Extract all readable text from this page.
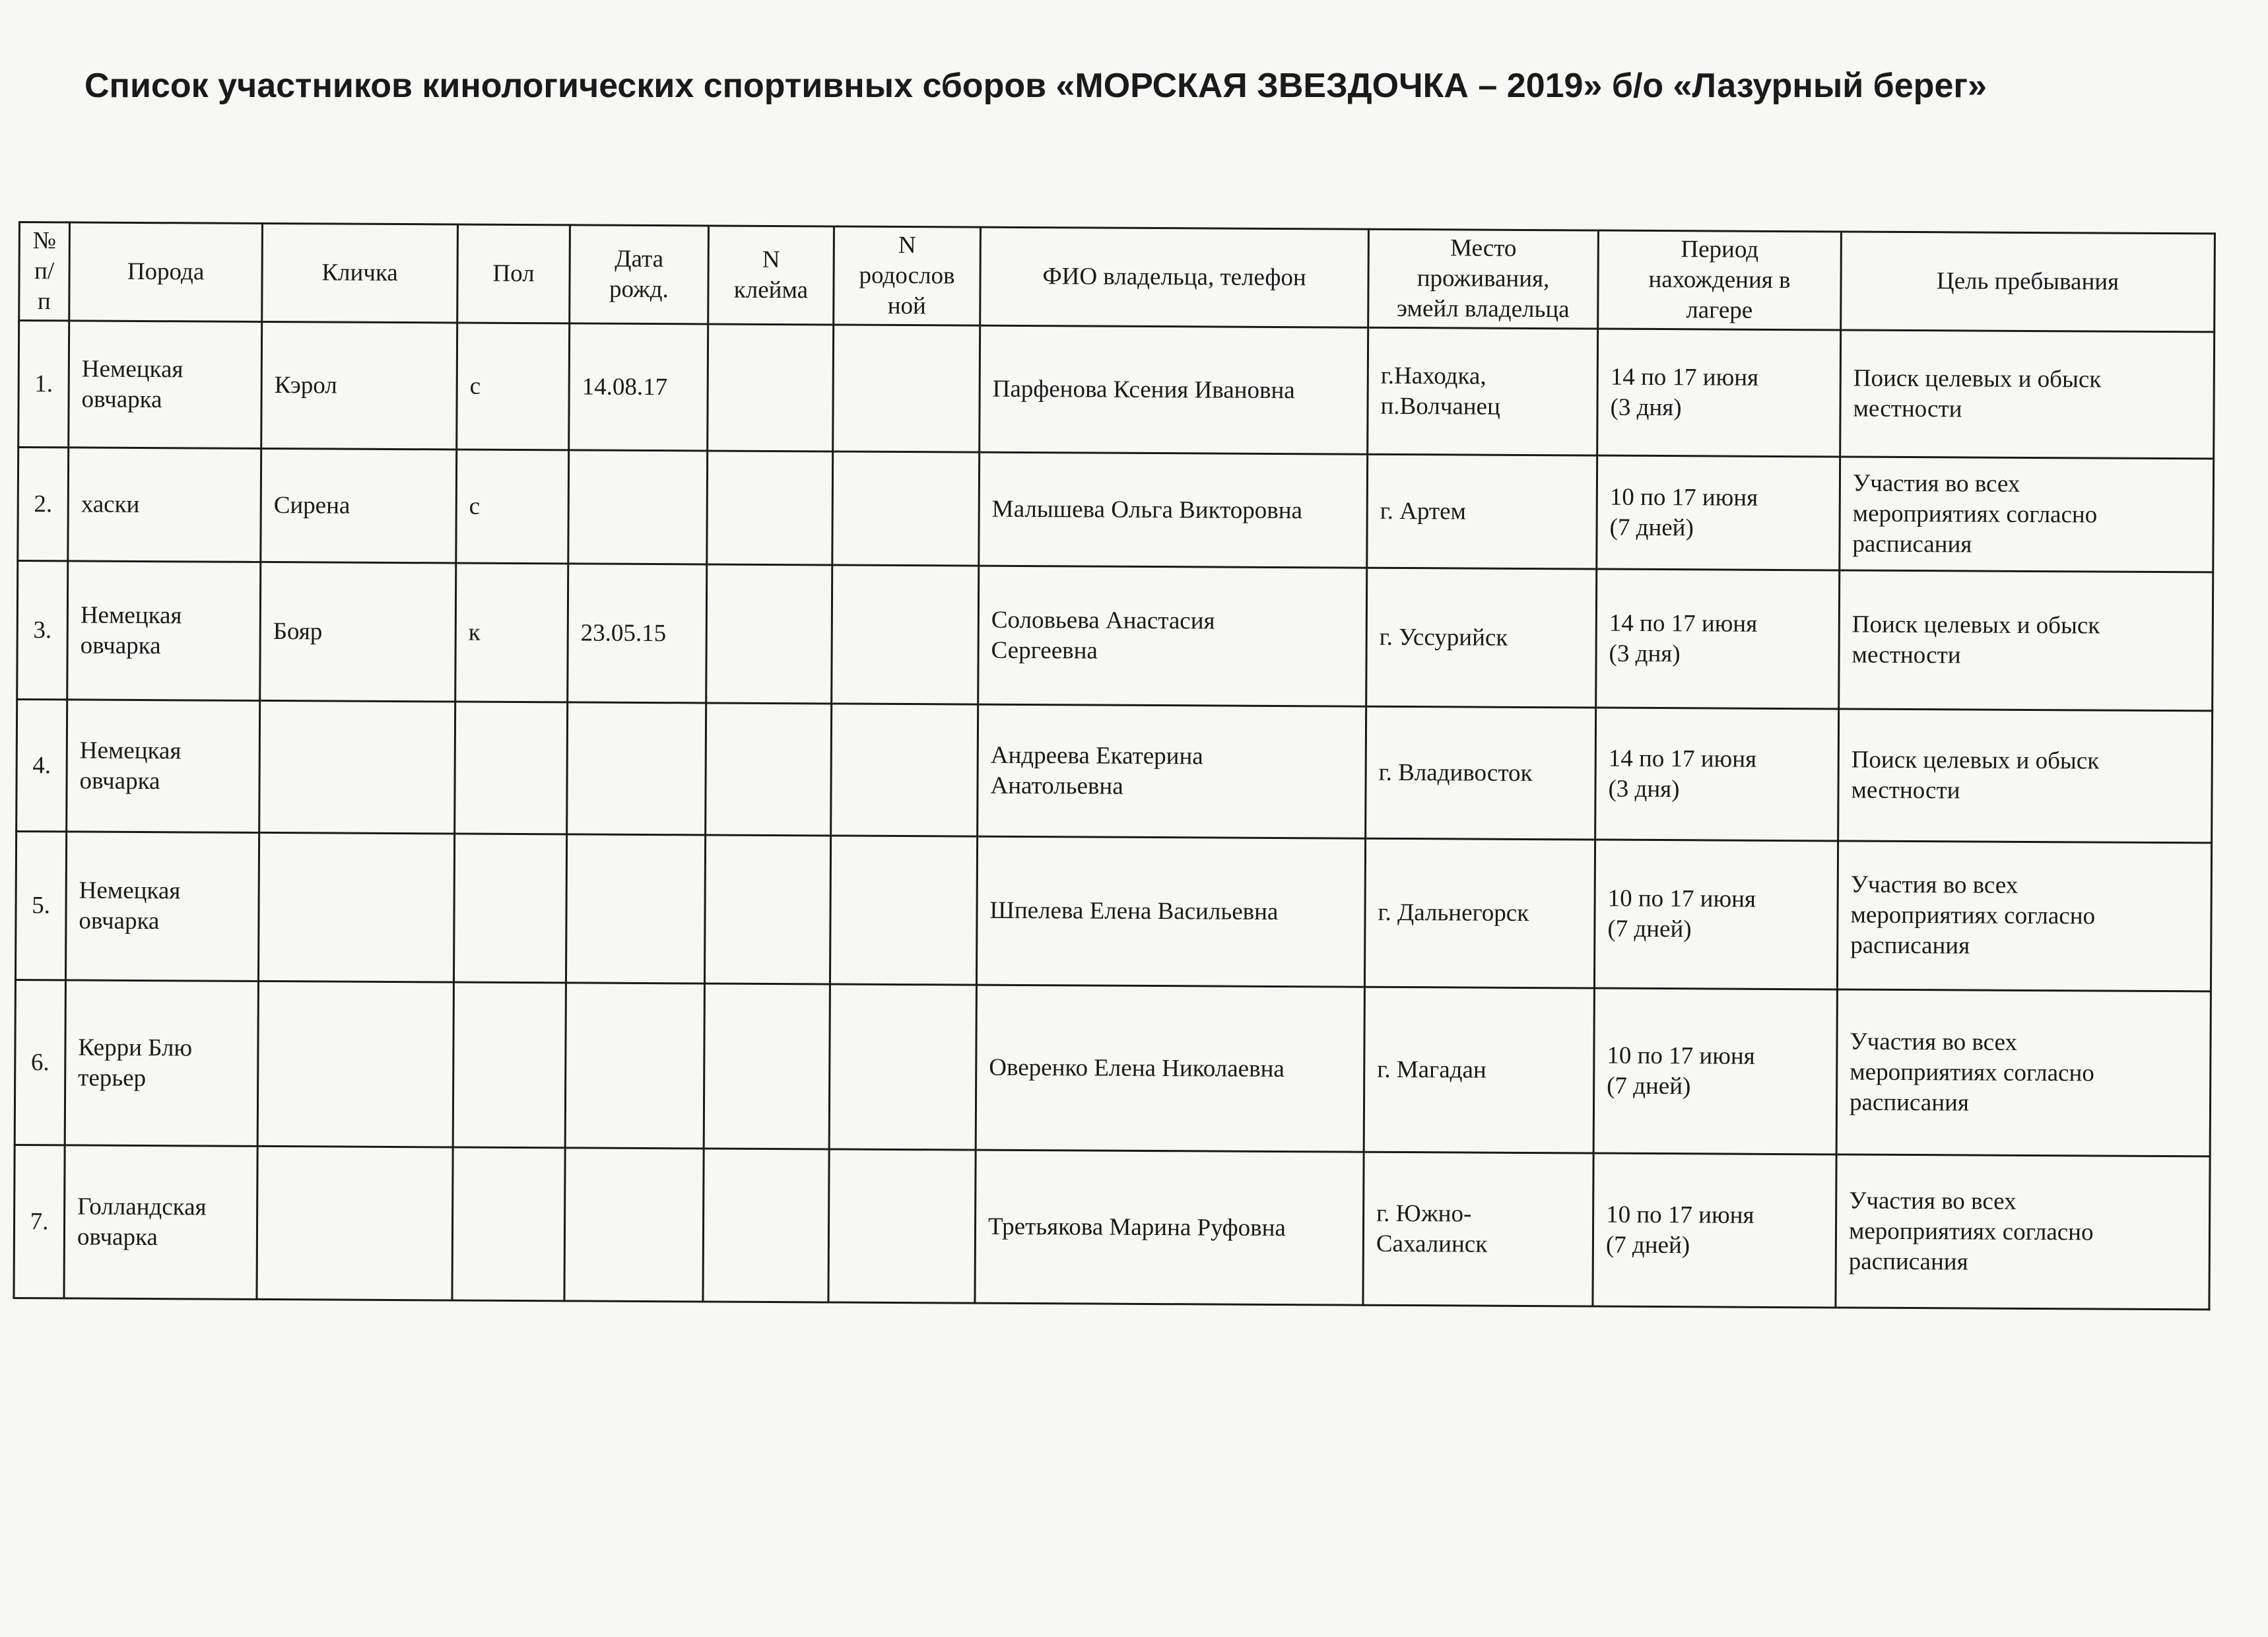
Список участников кинологических спортивных сборов «МОРСКАЯ ЗВЕЗДОЧКА – 2019» б/о «Лазурный берег»
№
п/
п	Порода	Кличка	Пол	Дата
рожд.	N
клейма	N
родослов
ной	ФИО владельца, телефон	Место
проживания,
эмейл владельца	Период
нахождения в
лагере	Цель пребывания
1.	Немецкая
овчарка	Кэрол	с	14.08.17			Парфенова Ксения Ивановна	г.Находка,
п.Волчанец	14 по 17 июня
(3 дня)	Поиск целевых и обыск
местности
2.	хаски	Сирена	с				Малышева Ольга Викторовна	г. Артем	10 по 17 июня
(7 дней)	Участия во всех
мероприятиях согласно
расписания
3.	Немецкая
овчарка	Бояр	к	23.05.15			Соловьева Анастасия
Сергеевна	г. Уссурийск	14 по 17 июня
(3 дня)	Поиск целевых и обыск
местности
4.	Немецкая
овчарка						Андреева Екатерина
Анатольевна	г. Владивосток	14 по 17 июня
(3 дня)	Поиск целевых и обыск
местности
5.	Немецкая
овчарка						Шпелева Елена Васильевна	г. Дальнегорск	10 по 17 июня
(7 дней)	Участия во всех
мероприятиях согласно
расписания
6.	Керри Блю
терьер						Оверенко Елена Николаевна	г. Магадан	10 по 17 июня
(7 дней)	Участия во всех
мероприятиях согласно
расписания
7.	Голландская
овчарка						Третьякова Марина Руфовна	г. Южно-
Сахалинск	10 по 17 июня
(7 дней)	Участия во всех
мероприятиях согласно
расписания
